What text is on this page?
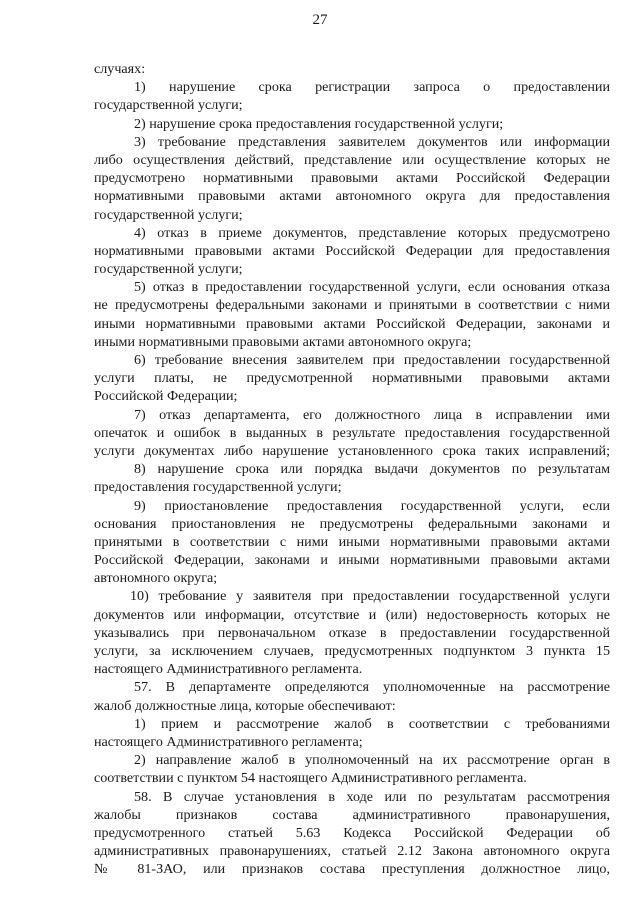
27
случаях:
1) нарушение срока регистрации запроса о предоставлении
государственной услуги;
2) нарушение срока предоставления государственной услуги;
3) требование представления заявителем документов или информации
либо осуществления действий, представление или осуществление которых не
предусмотрено нормативными правовыми актами Российской Федерации
нормативными правовыми актами автономного округа для предоставления
государственной услуги;
4) отказ в приеме документов, представление которых предусмотрено
нормативными правовыми актами Российской Федерации для предоставления
государственной услуги;
5) отказ в предоставлении государственной услуги, если основания отказа
не предусмотрены федеральными законами и принятыми в соответствии с ними
иными нормативными правовыми актами Российской Федерации, законами и
иными нормативными правовыми актами автономного округа;
6) требование внесения заявителем при предоставлении государственной
услуги платы, не предусмотренной нормативными правовыми актами
Российской Федерации;
7) отказ департамента, его должностного лица в исправлении ими
опечаток и ошибок в выданных в результате предоставления государственной
услуги документах либо нарушение установленного срока таких исправлений;
8) нарушение срока или порядка выдачи документов по результатам
предоставления государственной услуги;
9) приостановление предоставления государственной услуги, если
основания приостановления не предусмотрены федеральными законами и
принятыми в соответствии с ними иными нормативными правовыми актами
Российской Федерации, законами и иными нормативными правовыми актами
автономного округа;
10) требование у заявителя при предоставлении государственной услуги
документов или информации, отсутствие и (или) недостоверность которых не
указывались при первоначальном отказе в предоставлении государственной
услуги, за исключением случаев, предусмотренных подпунктом 3 пункта 15
настоящего Административного регламента.
57. В департаменте определяются уполномоченные на рассмотрение
жалоб должностные лица, которые обеспечивают:
1) прием и рассмотрение жалоб в соответствии с требованиями
настоящего Административного регламента;
2) направление жалоб в уполномоченный на их рассмотрение орган в
соответствии с пунктом 54 настоящего Административного регламента.
58. В случае установления в ходе или по результатам рассмотрения
жалобы признаков состава административного правонарушения,
предусмотренного статьей 5.63 Кодекса Российской Федерации об
административных правонарушениях, статьей 2.12 Закона автономного округа
№ 81-ЗАО, или признаков состава преступления должностное лицо,
